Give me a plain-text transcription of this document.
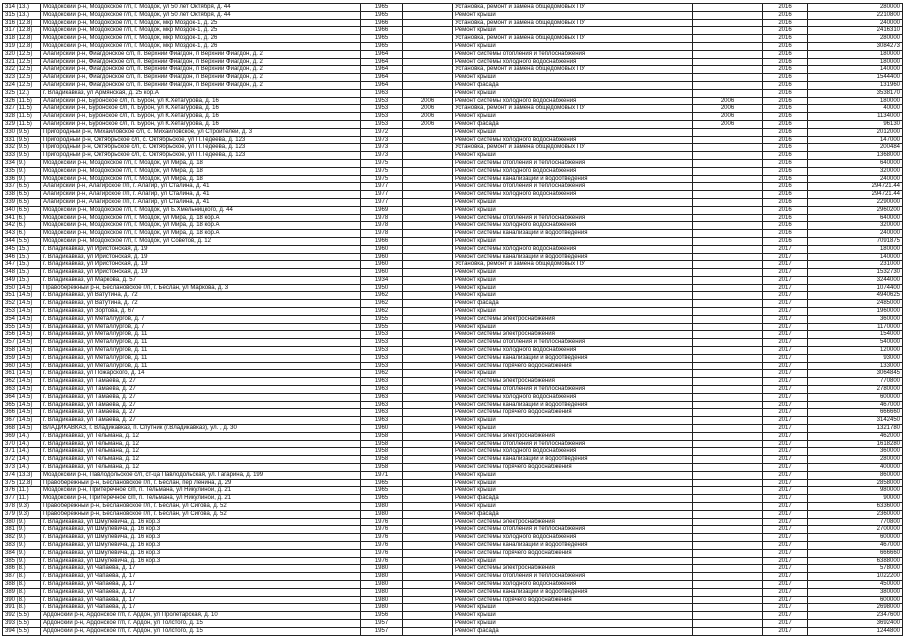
314 (13.)	Моздокский р-н, Моздокское г/п, г. Моздок, ул 50 лет Октября, д. 44	1965		Установка, ремонт и замена общедомовых ПУ		2016	280000
315 (13.)	Моздокский р-н, Моздокское г/п, г. Моздок, ул 50 лет Октября, д. 44	1965		Ремонт крыши		2016	2210800
316 (12.8)	Моздокский р-н, Моздокское г/п, г. Моздок, мкр Моздок-1, д. 25	1966		Установка, ремонт и замена общедомовых ПУ		2016	240000
317 (12.8)	Моздокский р-н, Моздокское г/п, г. Моздок, мкр Моздок-1, д. 25	1966		Ремонт крыши		2016	2416310
318 (12.8)	Моздокский р-н, Моздокское г/п, г. Моздок, мкр Моздок-1, д. 26	1965		Установка, ремонт и замена общедомовых ПУ		2016	280000
319 (12.8)	Моздокский р-н, Моздокское г/п, г. Моздок, мкр Моздок-1, д. 26	1965		Ремонт крыши		2016	3084273
320 (12.5)	Алагирский р-н, Фиагдонское с/п, п. Верхний Фиагдон, п Верхний Фиагдон, д. 2	1964		Ремонт системы отопления и теплоснабжения		2016	180000
321 (12.5)	Алагирский р-н, Фиагдонское с/п, п. Верхний Фиагдон, п Верхний Фиагдон, д. 2	1964		Ремонт системы холодного водоснабжения		2016	180000
322 (12.5)	Алагирский р-н, Фиагдонское с/п, п. Верхний Фиагдон, п Верхний Фиагдон, д. 2	1964		Установка, ремонт и замена общедомовых ПУ		2016	140000
323 (12.5)	Алагирский р-н, Фиагдонское с/п, п. Верхний Фиагдон, п Верхний Фиагдон, д. 2	1964		Ремонт крыши		2016	1544400
324 (12.5)	Алагирский р-н, Фиагдонское с/п, п. Верхний Фиагдон, п Верхний Фиагдон, д. 2	1964		Ремонт фасада		2016	131960
325 (12.)	г. Владикавказ, ул Армянская, д. 25 кор.А	1963		Ремонт крыши		2016	3538170
326 (11.5)	Алагирский р-н, Буронское с/п, п. Бурон, ул К.Хетагурова, д. 16	1953	2006	Ремонт системы холодного водоснабжения	2006	2016	180000
327 (11.5)	Алагирский р-н, Буронское с/п, п. Бурон, ул К.Хетагурова, д. 16	1953	2006	Установка, ремонт и замена общедомовых ПУ	2006	2016	40000
328 (11.5)	Алагирский р-н, Буронское с/п, п. Бурон, ул К.Хетагурова, д. 16	1953	2006	Ремонт крыши	2006	2016	1134000
329 (11.5)	Алагирский р-н, Буронское с/п, п. Бурон, ул К.Хетагурова, д. 16	1953	2006	Ремонт фасада	2006	2016	96130
330 (9.5)	Пригородный р-н, Михайловское с/п, с. Михайловское, ул Строителей, д. 3	1972		Ремонт крыши		2016	2012000
331 (9.5)	Пригородный р-н, Октябрьское с/п, с. Октябрьское, ул П.Тедеева, д. 123	1973		Ремонт системы холодного водоснабжения		2016	147000
332 (9.5)	Пригородный р-н, Октябрьское с/п, с. Октябрьское, ул П.Тедеева, д. 123	1973		Установка, ремонт и замена общедомовых ПУ		2016	200484
333 (9.5)	Пригородный р-н, Октябрьское с/п, с. Октябрьское, ул П.Тедеева, д. 123	1973		Ремонт крыши		2016	1368000
334 (9.)	Моздокский р-н, Моздокское г/п, г. Моздок, ул Мира, д. 18	1975		Ремонт системы отопления и теплоснабжения		2016	640000
335 (9.)	Моздокский р-н, Моздокское г/п, г. Моздок, ул Мира, д. 18	1975		Ремонт системы холодного водоснабжения		2016	320000
336 (9.)	Моздокский р-н, Моздокское г/п, г. Моздок, ул Мира, д. 18	1975		Ремонт системы канализации и водоотведения		2016	240000
337 (6.5)	Алагирский р-н, Алагирское г/п, г. Алагир, ул Сталина, д. 41	1977		Ремонт системы отопления и теплоснабжения		2016	294721.44
338 (6.5)	Алагирский р-н, Алагирское г/п, г. Алагир, ул Сталина, д. 41	1977		Ремонт системы холодного водоснабжения		2016	294721.44
339 (6.5)	Алагирский р-н, Алагирское г/п, г. Алагир, ул Сталина, д. 41	1977		Ремонт крыши		2016	2290000
340 (6.5)	Моздокский р-н, Моздокское г/п, г. Моздок, ул Б.Хмельницкого, д. 44	1969		Ремонт крыши		2016	2960200
341 (6.)	Моздокский р-н, Моздокское г/п, г. Моздок, ул Мира, д. 18 кор.А	1978		Ремонт системы отопления и теплоснабжения		2016	640000
342 (6.)	Моздокский р-н, Моздокское г/п, г. Моздок, ул Мира, д. 18 кор.А	1978		Ремонт системы холодного водоснабжения		2016	320000
343 (6.)	Моздокский р-н, Моздокское г/п, г. Моздок, ул Мира, д. 18 кор.А	1978		Ремонт системы канализации и водоотведения		2016	240000
344 (5.5)	Моздокский р-н, Моздокское г/п, г. Моздок, ул Советов, д. 12	1966		Ремонт крыши		2016	7091875
345 (15.)	г. Владикавказ, ул Иристонская, д. 19	1960		Ремонт системы холодного водоснабжения		2017	180000
346 (15.)	г. Владикавказ, ул Иристонская, д. 19	1960		Ремонт системы канализации и водоотведения		2017	140000
347 (15.)	г. Владикавказ, ул Иристонская, д. 19	1960		Установка, ремонт и замена общедомовых ПУ		2017	231000
348 (15.)	г. Владикавказ, ул Иристонская, д. 19	1960		Ремонт крыши		2017	1532730
349 (15.)	г. Владикавказ, ул Маркова, д. 57	1934		Ремонт крыши		2017	3244000
350 (14.5)	Правобережный р-н, Беслановское г/п, г. Беслан, ул Маркова, д. 3	1950		Ремонт крыши		2017	1074400
351 (14.5)	г. Владикавказ, ул Ватутина, д. 72	1962		Ремонт крыши		2017	4940625
352 (14.5)	г. Владикавказ, ул Ватутина, д. 72	1962		Ремонт фасада		2017	2485000
353 (14.5)	г. Владикавказ, ул Зортова, д. 67	1962		Ремонт крыши		2017	1960000
354 (14.5)	г. Владикавказ, ул Металлургов, д. 7	1955		Ремонт системы электроснабжения		2017	360000
355 (14.5)	г. Владикавказ, ул Металлургов, д. 7	1955		Ремонт крыши		2017	1170000
356 (14.5)	г. Владикавказ, ул Металлургов, д. 11	1953		Ремонт системы электроснабжения		2017	154000
357 (14.5)	г. Владикавказ, ул Металлургов, д. 11	1953		Ремонт системы отопления и теплоснабжения		2017	540000
358 (14.5)	г. Владикавказ, ул Металлургов, д. 11	1953		Ремонт системы холодного водоснабжения		2017	120000
359 (14.5)	г. Владикавказ, ул Металлургов, д. 11	1953		Ремонт системы канализации и водоотведения		2017	93000
360 (14.5)	г. Владикавказ, ул Металлургов, д. 11	1953		Ремонт системы горячего водоснабжения		2017	133000
361 (14.5)	г. Владикавказ, ул Пожарского, д. 14	1962		Ремонт крыши		2017	3064845
362 (14.5)	г. Владикавказ, ул Тамаева, д. 27	1963		Ремонт системы электроснабжения		2017	770800
363 (14.5)	г. Владикавказ, ул Тамаева, д. 27	1963		Ремонт системы отопления и теплоснабжения		2017	2780000
364 (14.5)	г. Владикавказ, ул Тамаева, д. 27	1963		Ремонт системы холодного водоснабжения		2017	600000
365 (14.5)	г. Владикавказ, ул Тамаева, д. 27	1963		Ремонт системы канализации и водоотведения		2017	467000
366 (14.5)	г. Владикавказ, ул Тамаева, д. 27	1963		Ремонт системы горячего водоснабжения		2017	666660
367 (14.5)	г. Владикавказ, ул Тамаева, д. 27	1963		Ремонт крыши		2017	3142450
368 (14.5)	ВЛАДИКАВКАЗ, г. Владикавказ, п. Спутник (г.Владикавказ), ул. , д. 30	1960		Ремонт крыши		2017	1321780
369 (14.)	г. Владикавказ, ул Тельмана, д. 12	1958		Ремонт системы электроснабжения		2017	462000
370 (14.)	г. Владикавказ, ул Тельмана, д. 12	1958		Ремонт системы отопления и теплоснабжения		2017	1618280
371 (14.)	г. Владикавказ, ул Тельмана, д. 12	1958		Ремонт системы холодного водоснабжения		2017	360000
372 (14.)	г. Владикавказ, ул Тельмана, д. 12	1958		Ремонт системы канализации и водоотведения		2017	280000
373 (14.)	г. Владикавказ, ул Тельмана, д. 12	1958		Ремонт системы горячего водоснабжения		2017	400000
374 (13.3)	Моздокский р-н, Павлодольское с/п, ст-ца Павлодольская, ул. Гагарина, д. 199	1971		Ремонт крыши		2017	860000
375 (12.8)	Правобережный р-н, Беслановское г/п, г. Беслан, пер Ленина, д. 29	1965		Ремонт крыши		2017	2858000
376 (11.)	Моздокский р-н, Притеречное с/п, п. Тельмана, ул Никулиной, д. 21	1965		Ремонт крыши		2017	980000
377 (11.)	Моздокский р-н, Притеречное с/п, п. Тельмана, ул Никулиной, д. 21	1965		Ремонт фасада		2017	90000
378 (9.3)	Правобережный р-н, Беслановское г/п, г. Беслан, ул Сигова, д. 52	1980		Ремонт крыши		2017	6336000
379 (9.3)	Правобережный р-н, Беслановское г/п, г. Беслан, ул Сигова, д. 52	1980		Ремонт фасада		2017	2360000
380 (9.)	г. Владикавказ, ул Шмулевича, д. 16 кор.3	1976		Ремонт системы электроснабжения		2017	770800
381 (9.)	г. Владикавказ, ул Шмулевича, д. 16 кор.3	1976		Ремонт системы отопления и теплоснабжения		2017	2700000
382 (9.)	г. Владикавказ, ул Шмулевича, д. 16 кор.3	1976		Ремонт системы холодного водоснабжения		2017	600000
383 (9.)	г. Владикавказ, ул Шмулевича, д. 16 кор.3	1976		Ремонт системы канализации и водоотведения		2017	467000
384 (9.)	г. Владикавказ, ул Шмулевича, д. 16 кор.3	1976		Ремонт системы горячего водоснабжения		2017	666660
385 (9.)	г. Владикавказ, ул Шмулевича, д. 16 кор.3	1976		Ремонт крыши		2017	6388000
386 (8.)	г. Владикавказ, ул Чапаева, д. 17	1980		Ремонт системы электроснабжения		2017	578000
387 (8.)	г. Владикавказ, ул Чапаева, д. 17	1980		Ремонт системы отопления и теплоснабжения		2017	1022200
388 (8.)	г. Владикавказ, ул Чапаева, д. 17	1980		Ремонт системы холодного водоснабжения		2017	450000
389 (8.)	г. Владикавказ, ул Чапаева, д. 17	1980		Ремонт системы канализации и водоотведения		2017	380000
390 (8.)	г. Владикавказ, ул Чапаева, д. 17	1980		Ремонт системы горячего водоснабжения		2017	600000
391 (8.)	г. Владикавказ, ул Чапаева, д. 17	1980		Ремонт крыши		2017	2698000
392 (5.5)	Ардонский р-н, Ардонское г/п, г. Ардон, ул Пролетарская, д. 10	1956		Ремонт крыши		2017	2347600
393 (5.5)	Ардонский р-н, Ардонское г/п, г. Ардон, ул Толстого, д. 15	1957		Ремонт крыши		2017	3692400
394 (5.5)	Ардонский р-н, Ардонское г/п, г. Ардон, ул Толстого, д. 15	1957		Ремонт фасада		2017	1244800
